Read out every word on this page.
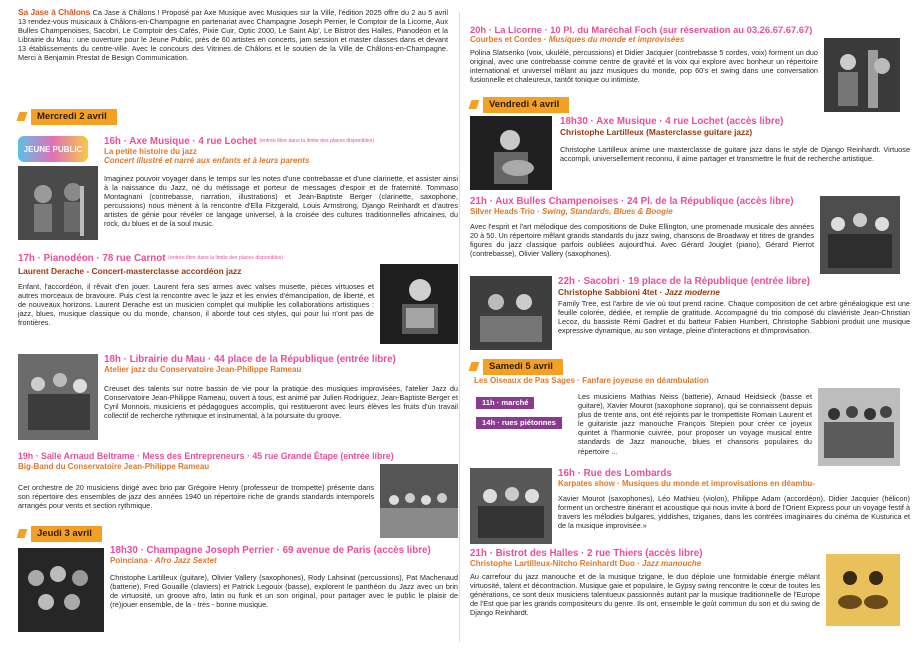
Sa Jase à Châlons Ca Jase à Châlons ! Proposé par Axe Musique avec Musiques sur la Ville, l'édition 2025 offre du 2 au 5 avril 13 rendez-vous musicaux à Châlons-en-Champagne en partenariat avec Champagne Joseph Perrier, le Comptoir de la Licorne, Aux Bulles Champenoises, Sacobri, Le Comptoir des Cafés, Pixie Cuir, Optic 2000, Le Saint Alp', Le Bistrot des Halles, Pianodéon et la Librairie du Mau : une ouverture pour le Jeune Public, près de 60 artistes en concerts, jam session et master classes dans et devant 13 établissements du centre-ville. Avec le concours des Vitrines de Châlons et le soutien de la Ville de Châlons-en-Champagne. Merci à Benjamin Prestat de Besign Communication.
Mercredi 2 avril
JEUNE PUBLIC
16h · Axe Musique · 4 rue Lochet (entrée libre dans la limite des places disponibles)
La petite histoire du jazz
Concert illustré et narré aux enfants et à leurs parents
Imaginez pouvoir voyager dans le temps sur les notes d'une contrebasse et d'une clarinette, et assister ainsi à la naissance du Jazz, né du métissage et porteur de messages d'espoir et de fraternité. Tommaso Montagnani (contrebasse, narration, illustrations) et Jean-Baptiste Berger (clarinette, saxophone, percussions) nous mènent à la rencontre d'Ella Fitzgerald, Louis Armstrong, Django Reinhardt et d'autres artistes de génie pour révéler ce langage universel, à la croisée des cultures traditionnelles africaines, du rock, du blues et de la soul music.
17h · Pianodéon · 78 rue Carnot (entrée libre dans la limite des places disponibles)
Laurent Derache - Concert-masterclasse accordéon jazz
Enfant, l'accordéon, il rêvait d'en jouer. Laurent fera ses armes avec valses musette, pièces virtuoses et autres morceaux de bravoure. Puis c'est la rencontre avec le jazz et les envies d'émancipation, de liberté, et de nouveaux horizons. Laurent Derache est un musicien complet qui multiplie les collaborations artistiques : jazz, blues, musique classique ou du monde, chanson, il aborde tout ces styles, qui pour lui n'ont pas de frontières.
18h · Librairie du Mau · 44 place de la République (entrée libre)
Atelier jazz du Conservatoire Jean-Philippe Rameau
Creuset des talents sur notre bassin de vie pour la pratique des musiques improvisées, l'atelier Jazz du Conservatoire Jean-Philippe Rameau, ouvert à tous, est animé par Julien Rodriguez, Jean-Baptiste Berger et Cyril Monnois, musiciens et pédagogues accomplis, qui restitueront avec leurs élèves les fruits d'un travail collectif de recherche rythmique et instrumental, à la poursuite du groove.
19h · Salle Arnaud Beltrame · Mess des Entrepreneurs · 45 rue Grande Étape (entrée libre)
Big-Band du Conservatoire Jean-Philippe Rameau
Cet orchestre de 20 musiciens dirigé avec brio par Grégoire Henry (professeur de trompette) présente dans son répertoire des ensembles de jazz des années 1940 un répertoire riche de grands standards intemporels arrangés pour vents et section rythmique.
Jeudi 3 avril
18h30 · Champagne Joseph Perrier · 69 avenue de Paris (accès libre)
Poinciana · Afro Jazz Sextet
Christophe Lartilleux (guitare), Olivier Vallery (saxophones), Rody Lahsinat (percussions), Pat Machenaud (batterie), Fred Gouaille (claviers) et Patrick Legouix (basse), explorent le panthéon du Jazz avec un brin de virtuosité, un groove afro, latin ou funk et un son original, pour partager avec le public le plaisir de (re)jouer ensemble, de la - très - bonne musique.
20h · La Licorne · 10 Pl. du Maréchal Foch (sur réservation au 03.26.67.67.67)
Courbes et Cordes · Musiques du monde et improvisées
Polina Slatsenko (voix, ukulélé, percussions) et Didier Jacquier (contrebasse 5 cordes, voix) forment un duo original, avec une contrebasse comme centre de gravité et la voix qui explore avec bonheur un répertoire international et universel mêlant au jazz musiques du monde, pop 60's et swing dans une conversation fusionnelle et chaleureux, tantôt tonique ou intimiste.
Vendredi 4 avril
18h30 · Axe Musique · 4 rue Lochet (accès libre)
Christophe Lartilleux (Masterclasse guitare jazz)
Christophe Lartilleux anime une masterclasse de guitare jazz dans le style de Django Reinhardt. Virtuose accompli, universellement reconnu, il aime partager et transmettre le fruit de recherche artistique.
21h · Aux Bulles Champenoises · 24 Pl. de la République (accès libre)
Silver Heads Trio · Swing, Standards, Blues & Boogie
Avec l'esprit et l'art mélodique des compositions de Duke Ellington, une promenade musicale des années 20 à 50. Un répertoire mêlant grands standards du jazz swing, chansons de Broadway et titres de grandes figures du jazz classique parfois oubliées aujourd'hui. Avec Gérard Jouglet (piano), Gérard Pierrot (contrebasse), Olivier Vallery (saxophones).
22h · Sacobri · 19 place de la République (entrée libre)
Christophe Sabbioni 4tet · Jazz moderne
Family Tree, est l'arbre de vie où tout prend racine. Chaque composition de cet arbre généalogique est une feuille colorée, dédiée, et remplie de gratitude. Accompagné du trio composé du claviériste Jean-Christian Lecoz, du bassiste Rémi Gadret et du batteur Fabien Humbert, Christophe Sabbioni produit une musique expressive dynamique, au son vintage, pleine d'interactions et d'improvisation.
Samedi 5 avril
Les Oiseaux de Pas Sages · Fanfare joyeuse en déambulation
11h · marché
14h · rues piétonnes
Les musiciens Mathias Neiss (batterie), Arnaud Heidsieck (basse et guitare), Xavier Mourot (saxophone soprano), qui se connaissent depuis plus de trente ans, ont été rejoints par le trompettiste Romain Laurent et le guitariste jazz manouche François Stepien pour créer ce joyeux quintet à l'harmonie cuivrée, pour proposer un voyage musical entre standards de Jazz manouche, blues et chansons populaires du répertoire ...
16h · Rue des Lombards
Karpates show · Musiques du monde et improvisations en déambu-
Xavier Mourot (saxophones), Léo Mathieu (violon), Philippe Adam (accordéon), Didier Jacquier (hélicon) forment un orchestre itinérant et acoustique qui nous invite à bord de l'Orient Express pour un voyage festif à travers les mélodies bulgares, yiddishes, tziganes, dans les contrées imaginaires du cinéma de Kusturica et de la musique improvisée.»
21h · Bistrot des Halles · 2 rue Thiers (accès libre)
Christophe Lartilleux-Nitcho Reinhardt Duo · Jazz manouche
Au carrefour du jazz manouche et de la musique tzigane, le duo déploie une formidable énergie mêlant virtuosité, talent et décontraction. Musique gaie et populaire, le Gypsy swing rencontre le cœur de toutes les générations, ce sont deux musiciens talentueux passionnés autant par la musique traditionnelle de l'Europe de l'Est que par les grands compositeurs du genre. Ils ont, ensemble le goût commun du son et du swing de Django Reinhardt.
